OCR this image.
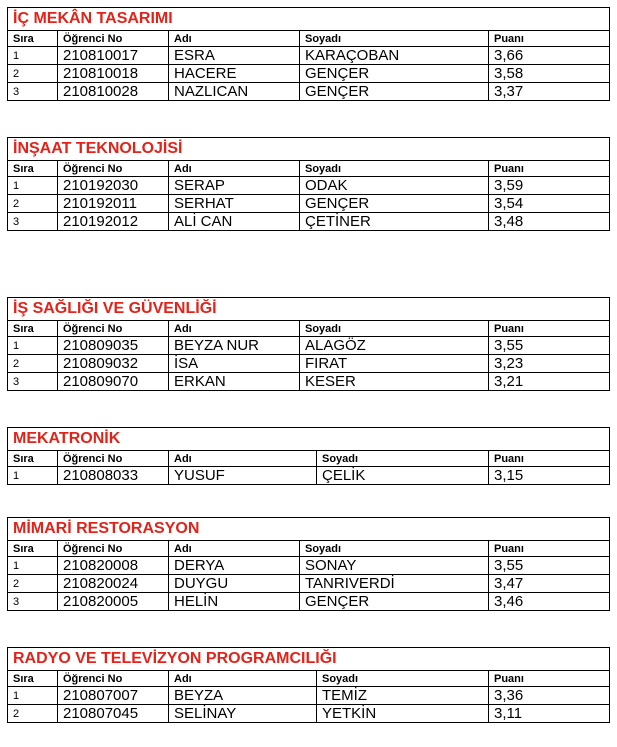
İÇ MEKÂN TASARIMI				
Sıra	Öğrenci No	Adı	Soyadı	Puanı
1	210810017	ESRA	KARAÇOBAN	3,66
2	210810018	HACERE	GENÇER	3,58
3	210810028	NAZLICAN	GENÇER	3,37
İNŞAAT TEKNOLOJİSİ				
Sıra	Öğrenci No	Adı	Soyadı	Puanı
1	210192030	SERAP	ODAK	3,59
2	210192011	SERHAT	GENÇER	3,54
3	210192012	ALİ CAN	ÇETİNER	3,48
İŞ SAĞLIĞI VE GÜVENLİĞİ				
Sıra	Öğrenci No	Adı	Soyadı	Puanı
1	210809035	BEYZA NUR	ALAGÖZ	3,55
2	210809032	İSA	FIRAT	3,23
3	210809070	ERKAN	KESER	3,21
MEKATRONİK				
Sıra	Öğrenci No	Adı	Soyadı	Puanı
1	210808033	YUSUF	ÇELİK	3,15
MİMARİ RESTORASYON				
Sıra	Öğrenci No	Adı	Soyadı	Puanı
1	210820008	DERYA	SONAY	3,55
2	210820024	DUYGU	TANRIVERDİ	3,47
3	210820005	HELİN	GENÇER	3,46
RADYO VE TELEVİZYON PROGRAMCILIĞI				
Sıra	Öğrenci No	Adı	Soyadı	Puanı
1	210807007	BEYZA	TEMİZ	3,36
2	210807045	SELİNAY	YETKİN	3,11
